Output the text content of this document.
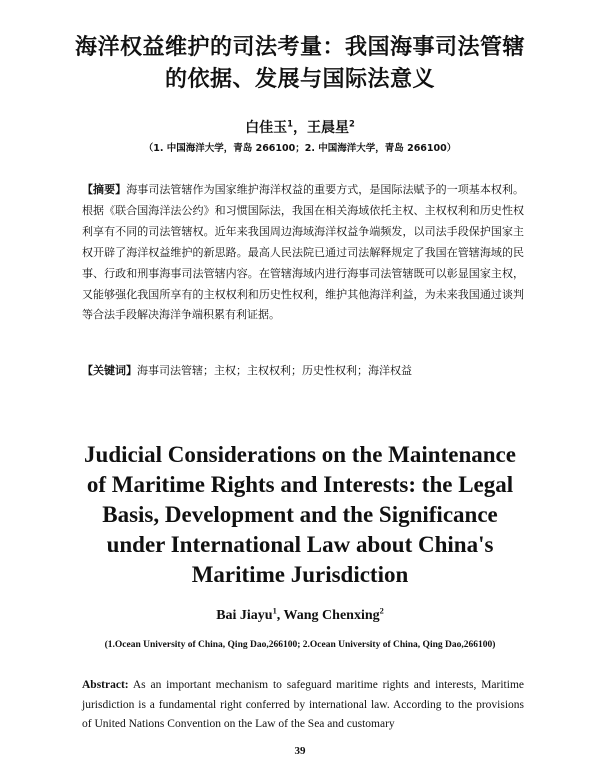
海洋权益维护的司法考量：我国海事司法管辖
的依据、发展与国际法意义
白佳玉$^1$，王晨星$^2$
（1. 中国海洋大学，青岛 266100；2. 中国海洋大学，青岛 266100）

【摘要】海事司法管辖作为国家维护海洋权益的重要方式，是国际法赋予的一项基本权利。根据《联合国海洋法公约》和习惯国际法，我国在相关海域依托主权、主权权利和历史性权利享有不同的司法管辖权。近年来我国周边海域海洋权益争端频发，以司法手段保护国家主权开辟了海洋权益维护的新思路。最高人民法院已通过司法解释规定了我国在管辖海域的民事、行政和刑事海事司法管辖内容。在管辖海域内进行海事司法管辖既可以彰显国家主权，又能够强化我国所享有的主权权利和历史性权利，维护其他海洋利益，为未来我国通过谈判等合法手段解决海洋争端积累有利证据。

【关键词】海事司法管辖；主权；主权权利；历史性权利；海洋权益

Judicial Considerations on the Maintenance
of Maritime Rights and Interests: the Legal
Basis, Development and the Significance
under International Law about China's
Maritime Jurisdiction
Bai Jiayu$^1$, Wang Chenxing$^2$
(1.Ocean University of China, Qing Dao,266100; 2.Ocean University of China, Qing Dao,266100)

Abstract: As an important mechanism to safeguard maritime rights and interests, Maritime jurisdiction is a fundamental right conferred by international law. According to the provisions of United Nations Convention on the Law of the Sea and customary

39
